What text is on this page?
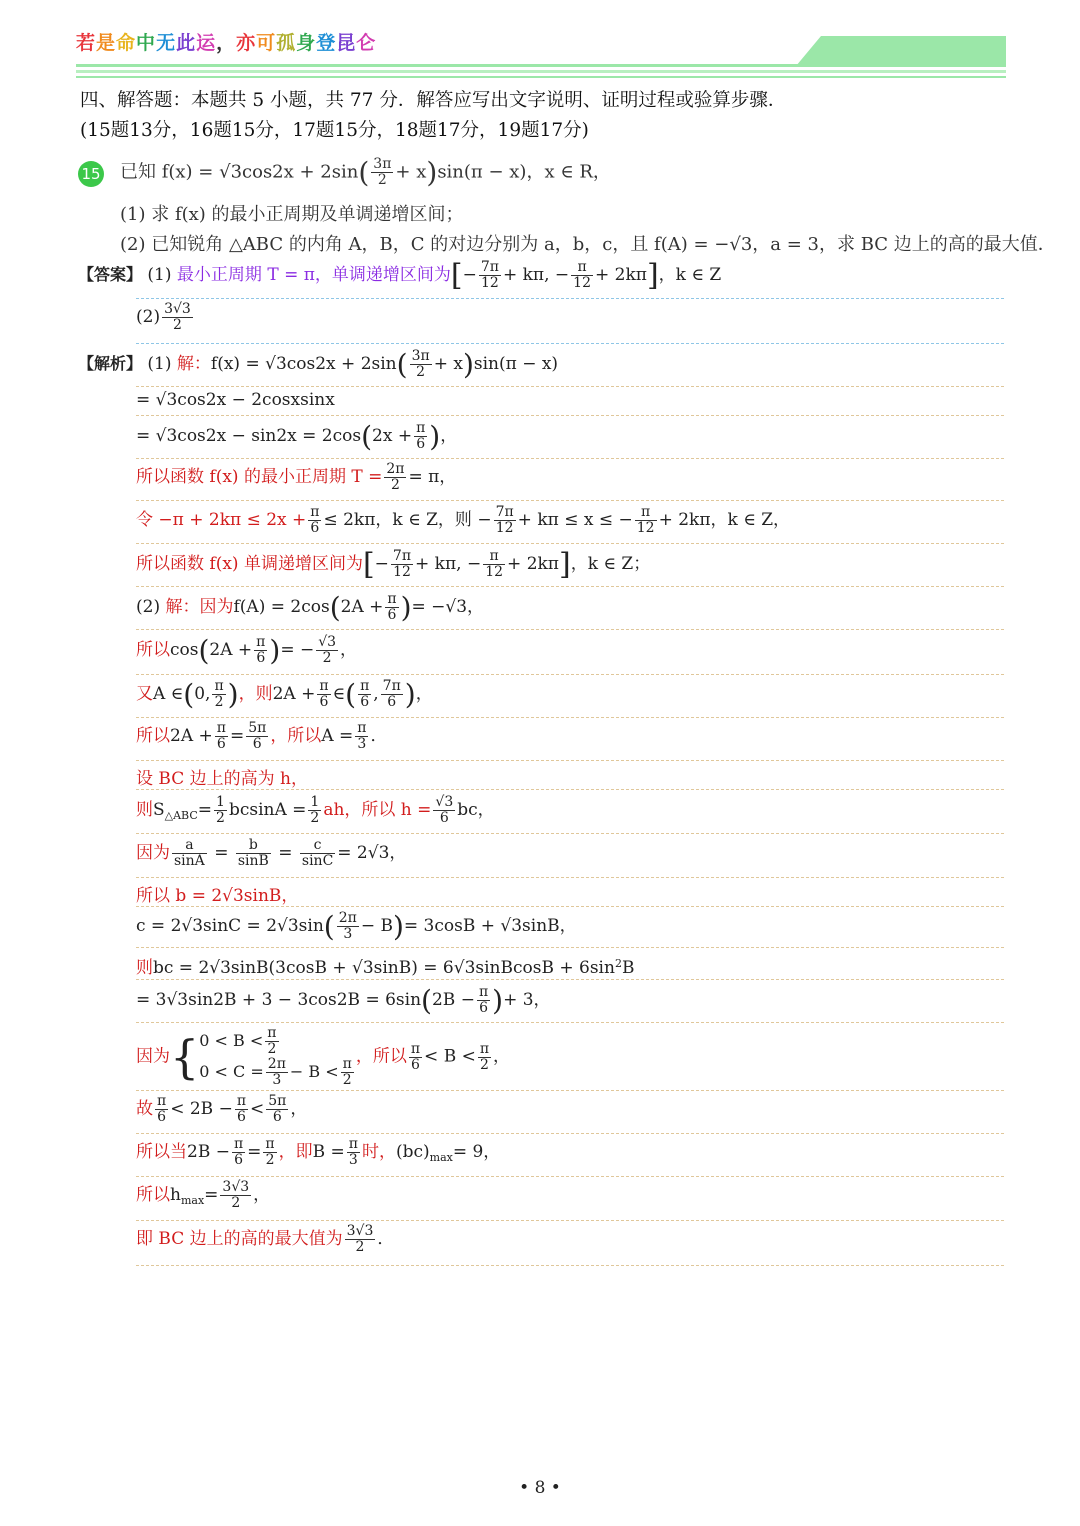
若是命中无此运，亦可孤身登昆仑
四、解答题：本题共 5 小题，共 77 分．解答应写出文字说明、证明过程或验算步骤．
(15题13分，16题15分，17题15分，18题17分，19题17分)
15 已知 $f(x) = √3\cos 2x + 2\sin( \frac{3\pi}{2} + x)\sin(\pi - x)$，x ∈ R，
(1) 求 f(x) 的最小正周期及单调递增区间；
(2) 已知锐角 △ABC 的内角 A，B，C 的对边分别为 a，b，c，且 f(A) = −√3，a = 3，求 BC 边上的高的最大值．
【答案】 (1) 最小正周期 T = π，单调递增区间为[− $\frac{7\pi}{12} + k\pi$, − $\frac{\pi}{12} + 2k\pi$]，k ∈ Z
$(2) \frac{3√3}{2}$
【解析】 (1) 解：$f(x) = √3\cos 2x + 2\sin( \frac{3\pi}{2} + x)\sin(\pi - x)$
= √3cos2x − 2cosxsinx
= $√3\cos 2x - \sin 2x = 2\cos(2x + \frac{\pi}{6}$ )，
所以函数 f(x) 的最小正周期 $T = \frac{2\pi}{2} = \pi$，
令 $-\pi + 2k\pi \le 2x + \frac{\pi}{6} \le 2k\pi$，k ∈ Z，则 − $\frac{7\pi}{12} + k\pi \le x$ ≤ − $\frac{\pi}{12} + 2k\pi$，k ∈ Z，
所以函数 f(x) 单调递增区间为[− $\frac{7\pi}{12} + k\pi$, − $\frac{\pi}{12} + 2k\pi$]，k ∈ Z；
(2) 解：因为$f(A) = 2\cos(2A + \frac{\pi}{6}$ )= −√3，
所以$\cos(2A + \frac{\pi}{6}$ )= − $\frac{√3}{2}$ ，
又A ∈(0, $\frac{\pi}{2}$ )，则$2A + \frac{\pi}{6}$ ∈( $\frac{\pi}{6}$ , $\frac{7\pi}{6}$ )，
所以$2A + \frac{\pi}{6} = \frac{5\pi}{6}$ ，所以$A = \frac{\pi}{3}$ ．
设 BC 边上的高为 h，
则$S_{\triangle ABC}= \frac{1}{2}$ $bcsinA = \frac{1}{2}$ ah，所以 $h = \frac{√3}{6}$ bc，
因为 $\frac{a}{\sin A} = \frac{b}{\sin B} = \frac{c}{\sin C} = 2√3$，
所以 b = 2√3sinB，
$c = 2√3\sin C = 2√3\sin( \frac{2\pi}{3} - B)= 3\cos B + √3\sin B$，
则bc = 2√3sinB(3cosB + √3sinB) = 6√3sinBcosB + $6\sin^2B$
= $3√3\sin 2B + 3 - 3\cos 2B = 6\sin(2B - \frac{\pi}{6}$ )+ 3，
因为{ $0 < B < \frac{\pi}{2}$
$0 < C = \frac{2\pi}{3} - B < \frac{\pi}{2}$
，所以 $\frac{\pi}{6} < B < \frac{\pi}{2}$ ，
故 $\frac{\pi}{6} < 2B - \frac{\pi}{6} < \frac{5\pi}{6}$ ，
所以当$2B - \frac{\pi}{6} = \frac{\pi}{2}$ ，即$B = \frac{\pi}{3}$ 时，$(bc)_{max}= 9$，
所以$h_{max}= \frac{3√3}{2}$ ，
即 BC 边上的高的最大值为 $\frac{3√3}{2}$ ．
• 8 •
